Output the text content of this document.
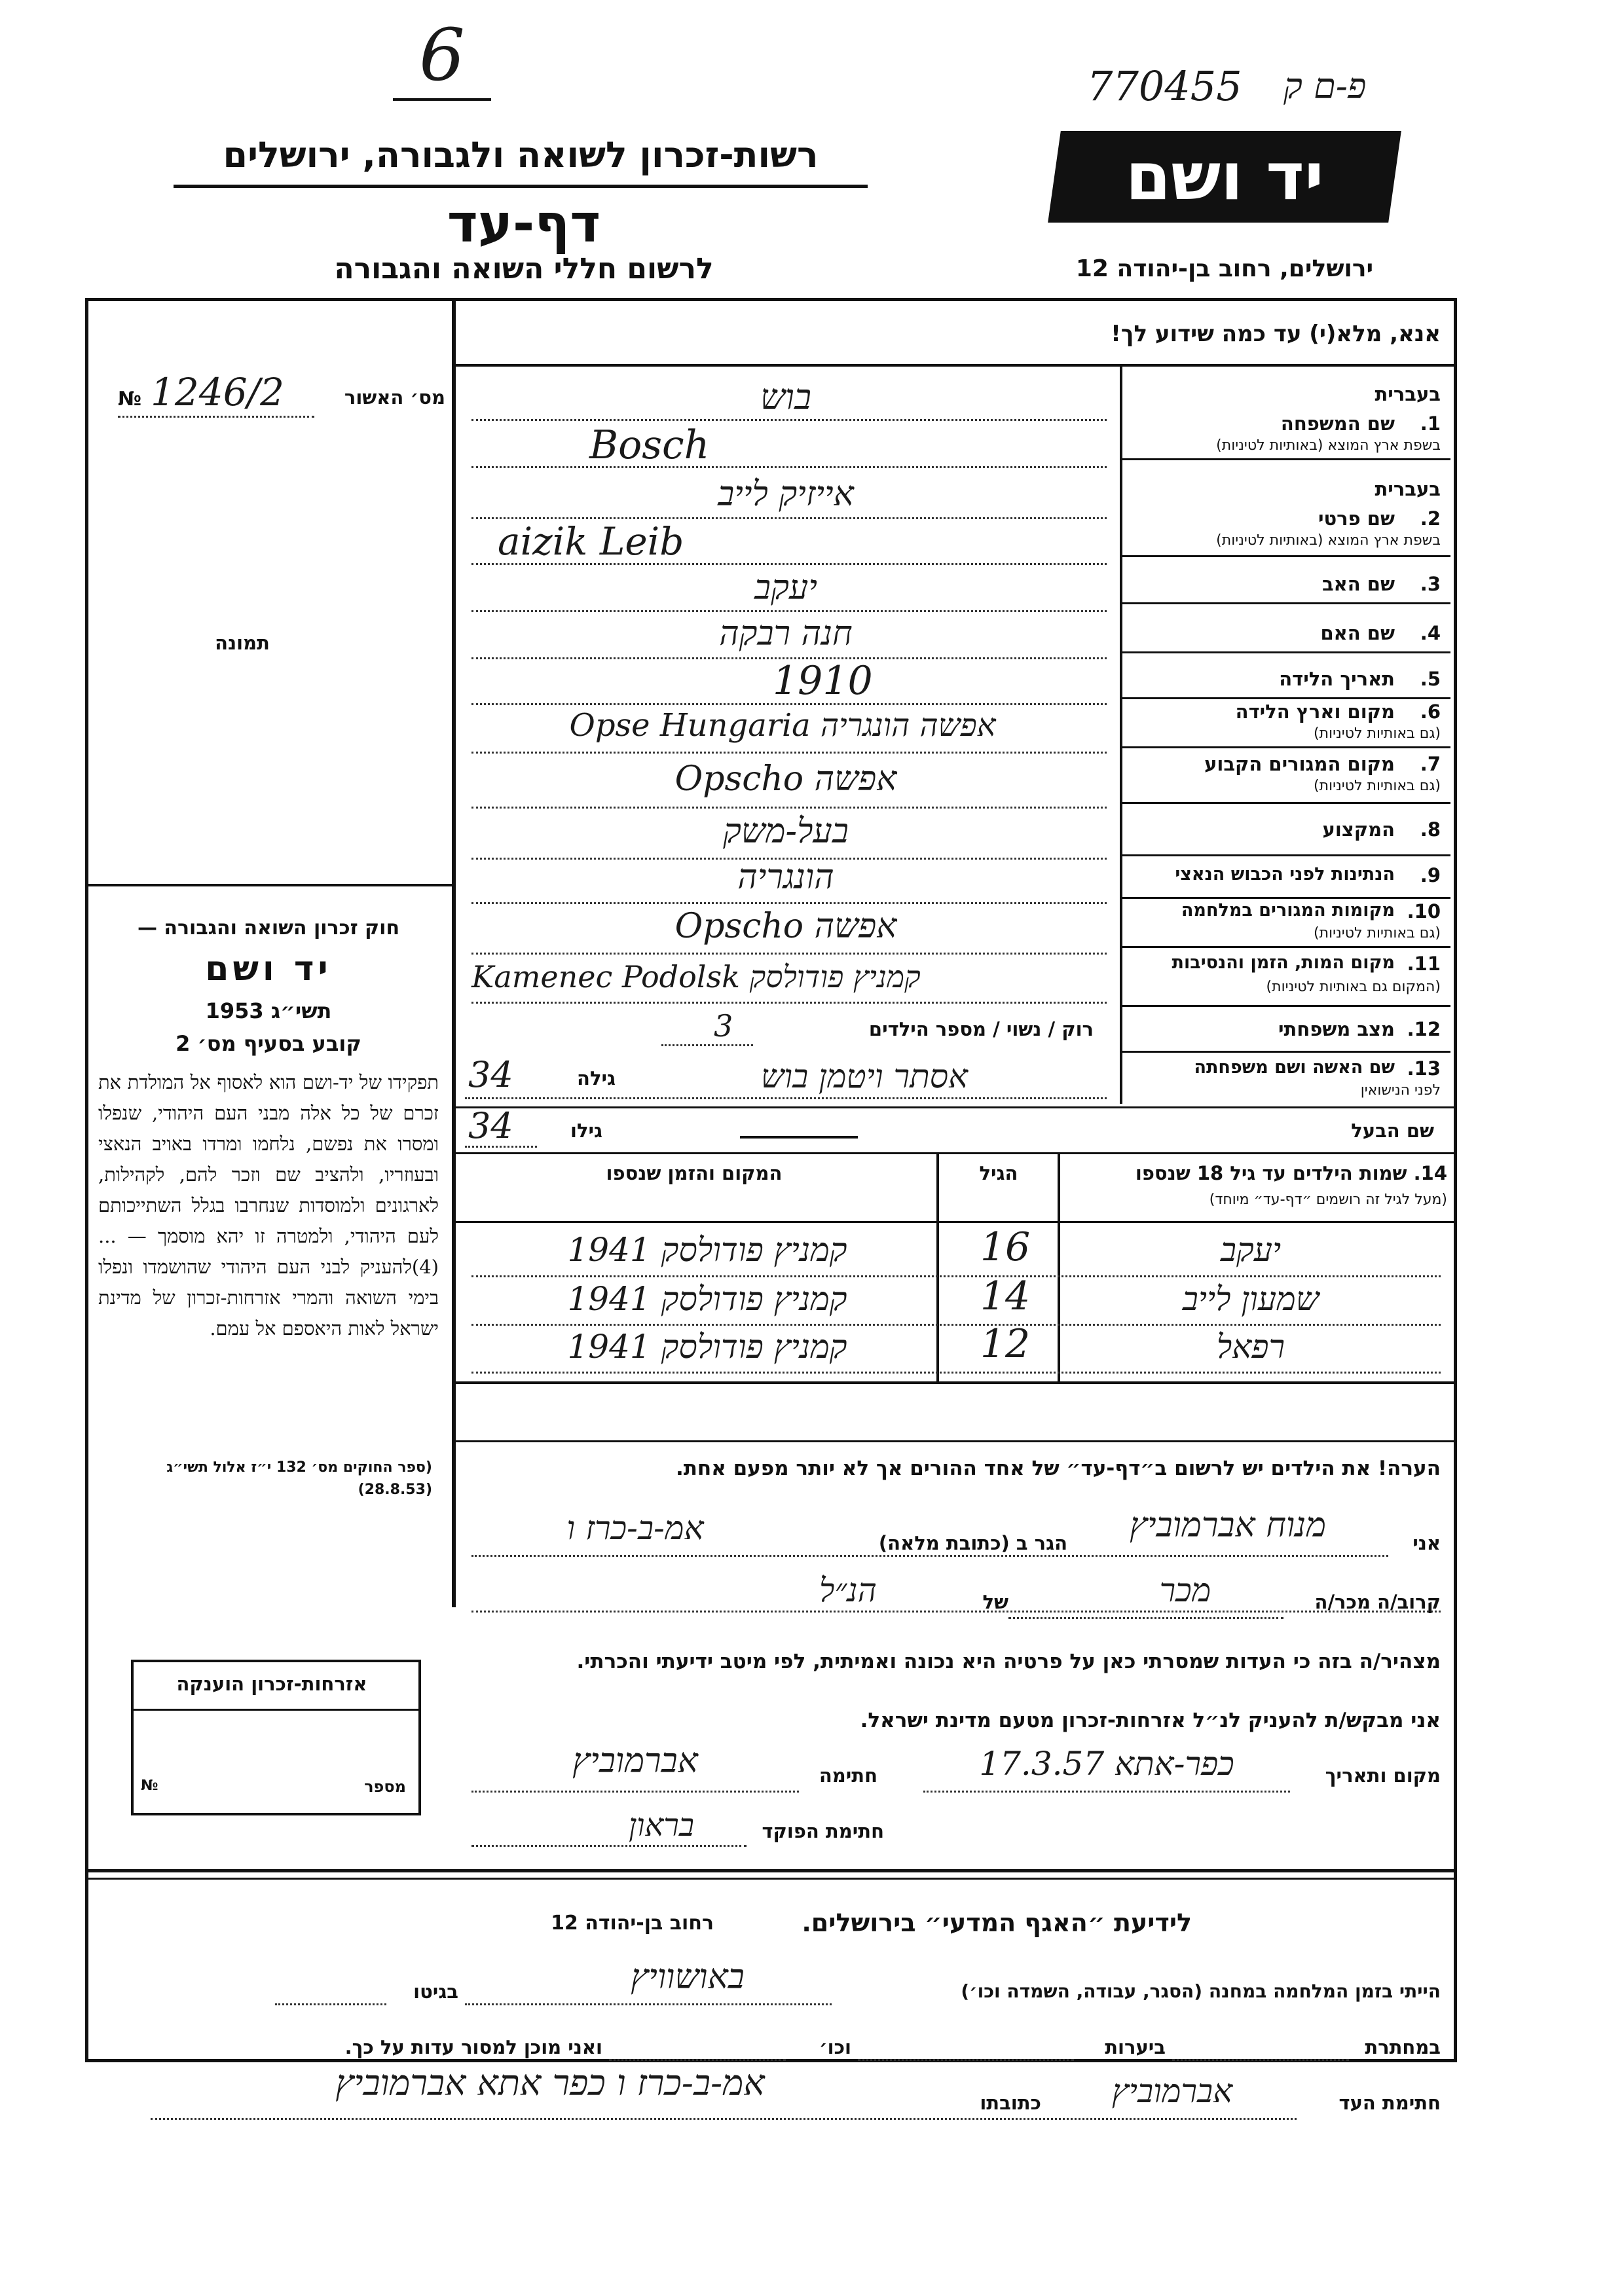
6	770455 פ-ם ק
רשות-זכרון לשואה ולגבורה, ירושלים
דף-עד
לרשום חללי השואה והגבורה
יד ושם
ירושלים, רחוב בן-יהודה 12
אנא, מלא(י) עד כמה שידוע לך!
מס׳ האשור
№ 1246/2
תמונה
חוק זכרון השואה והגבורה —
יד ושם
תשי״ג 1953
קובע בסעיף מס׳ 2
תפקידו של יד-ושם הוא לאסוף אל המולדת את זכרם של כל אלה מבני העם היהודי, שנפלו ומסרו את נפשם, נלחמו ומרדו באויב הנאצי ובעוזריו, ולהציב שם וזכר להם, לקהילות, לארגונים ולמוסדות שנחרבו בגלל השתייכותם לעם היהודי, ולמטרה זו יהא מוסמך — ...(4)להעניק לבני העם היהודי שהושמדו ונפלו בימי השואה והמרי אזרחות-זכרון של מדינת ישראל לאות היאספם אל עמם.
(ספר החוקים מס׳ 132 י״ז אלול תשי״ג (28.8.53)
אזרחות-זכרון הוענקה
מספר
№
בעברית
1.
שם המשפחה
בשפת ארץ המוצא (באותיות לטיניות)
בוש
Bosch
בעברית
2.
שם פרטי
בשפת ארץ המוצא (באותיות לטיניות)
אייזיק לייב
aizik Leib
3.
שם האב
יעקב
4.
שם האם
חנה רבקה
5.
תאריך הלידה
1910
6.
מקום וארץ הלידה
(גם באותיות לטיניות)
אפשה הונגריה Opse Hungaria
7.
מקום המגורים הקבוע
(גם באותיות לטיניות)
אפשה Opscho
8.
המקצוע
בעל-משק
9.
הנתינות לפני הכבוש הנאצי
הונגריה
10.
מקומות המגורים במלחמה
(גם באותיות לטיניות)
אפשה Opscho
11.
מקום המות, הזמן והנסיבות
(המקום גם באותיות לטיניות)
Kamenec Podolsk קמניץ פודולסק
12.
מצב משפחתי
רוק / נשוי / מספר הילדים
3
13.
שם האשה ושם משפחתה
לפני הנישואין
אסתר ויטמן בוש
גילה
34
שם הבעל
גילו
34
14. שמות הילדים עד גיל 18 שנספו
(מעל לגיל זה רושמים ״דף-עד״ מיוחד)
הגיל
המקום והזמן שנספו
יעקב
16
קמניץ פודולסק 1941
שמעון לייב
14
קמניץ פודולסק 1941
רפאל
12
קמניץ פודולסק 1941
הערה! את הילדים יש לרשום ב״דף-עד״ של אחד ההורים אך לא יותר מפעם אחת.
אני
מנוח אברמוביץ
הגר ב (כתובת מלאה)
אמ-ב-כרז ו
קרוב/ה מכר/ה
מכר
של
הנ״ל
מצהיר/ה בזה כי העדות שמסרתי כאן על פרטיה היא נכונה ואמיתית, לפי מיטב ידיעתי והכרתי.
אני מבקש/ת להעניק לנ״ל אזרחות-זכרון מטעם מדינת ישראל.
מקום ותאריך
כפר-אתא 17.3.57
חתימה
אברמוביץ
חתימת הפוקד
בראון
לידיעת ״האגף המדעי״ בירושלים.
רחוב בן-יהודה 12
הייתי בזמן המלחמה במחנה (הסגר, עבודה, השמדה וכו׳)
באושוויץ
בגיטו
במחתרת
ביערות
וכו׳
ואני מוכן למסור עדות על כך.
חתימת העד
אברמוביץ
כתובתו
אמ-ב-כרז ו כפר אתא אברמוביץ
